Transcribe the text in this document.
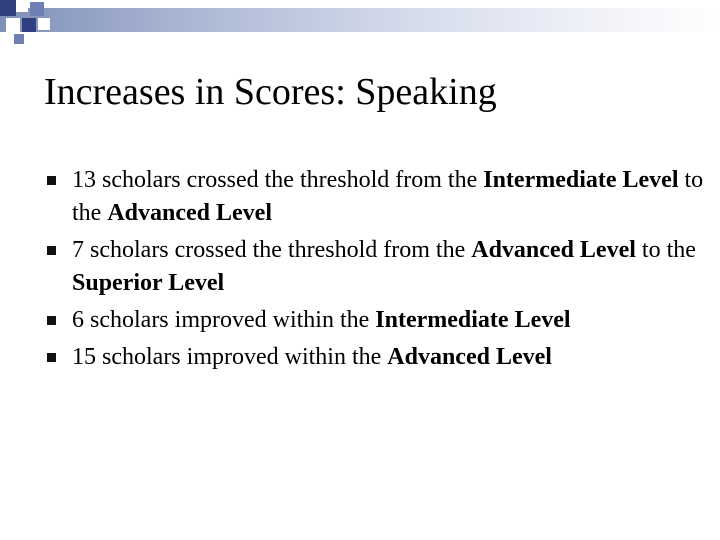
Increases in Scores: Speaking
13 scholars crossed the threshold from the Intermediate Level to the Advanced Level
7 scholars crossed the threshold from the Advanced Level to the Superior Level
6 scholars improved within the Intermediate Level
15 scholars improved within the Advanced Level
